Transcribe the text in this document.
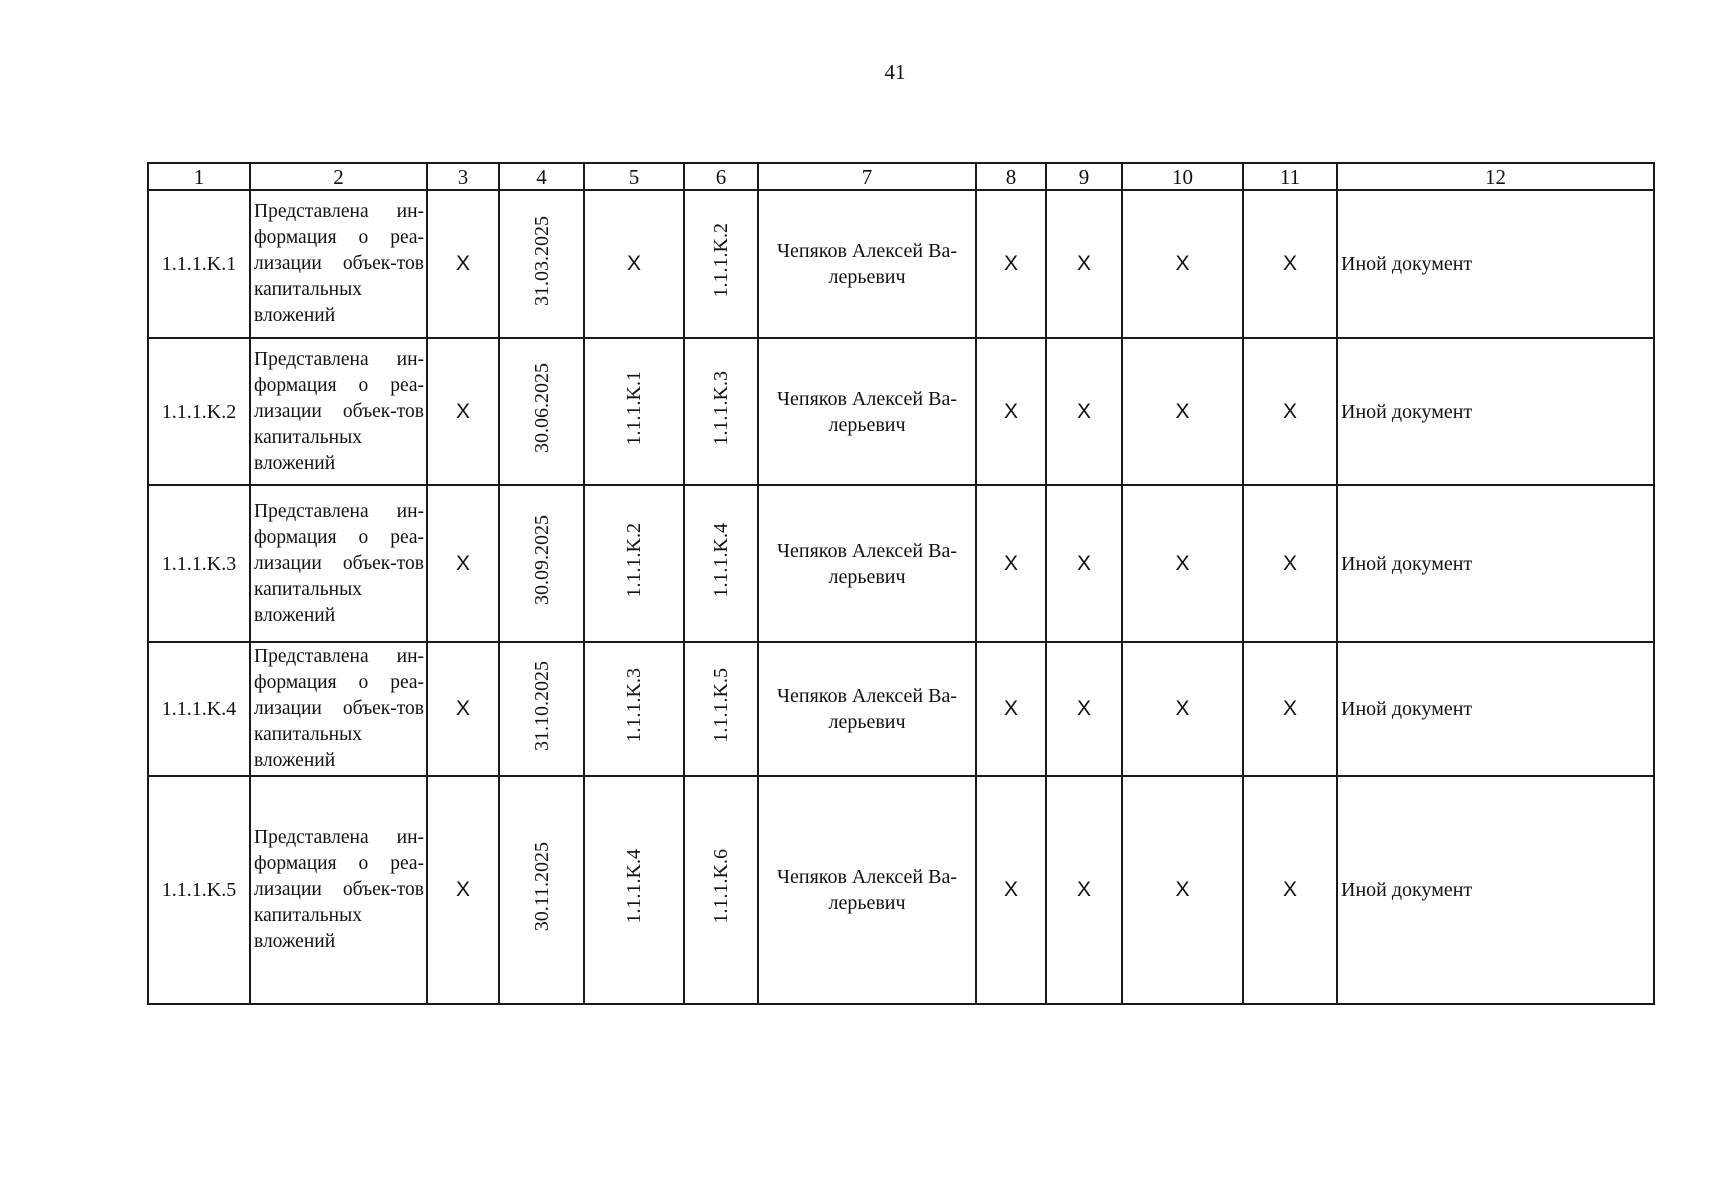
41
1	2	3	4	5	6	7	8	9	10	11	12
1.1.1.K.1	Представлена ин-формация о реа-лизации объек-тов капитальных вложений	X	31.03.2025	X	1.1.1.K.2	Чепяков Алексей Ва-лерьевич	X	X	X	X	Иной документ
1.1.1.K.2	Представлена ин-формация о реа-лизации объек-тов капитальных вложений	X	30.06.2025	1.1.1.K.1	1.1.1.K.3	Чепяков Алексей Ва-лерьевич	X	X	X	X	Иной документ
1.1.1.K.3	Представлена ин-формация о реа-лизации объек-тов капитальных вложений	X	30.09.2025	1.1.1.K.2	1.1.1.K.4	Чепяков Алексей Ва-лерьевич	X	X	X	X	Иной документ
1.1.1.K.4	Представлена ин-формация о реа-лизации объек-тов капитальных вложений	X	31.10.2025	1.1.1.K.3	1.1.1.K.5	Чепяков Алексей Ва-лерьевич	X	X	X	X	Иной документ
1.1.1.K.5	Представлена ин-формация о реа-лизации объек-тов капитальных вложений	X	30.11.2025	1.1.1.K.4	1.1.1.K.6	Чепяков Алексей Ва-лерьевич	X	X	X	X	Иной документ
